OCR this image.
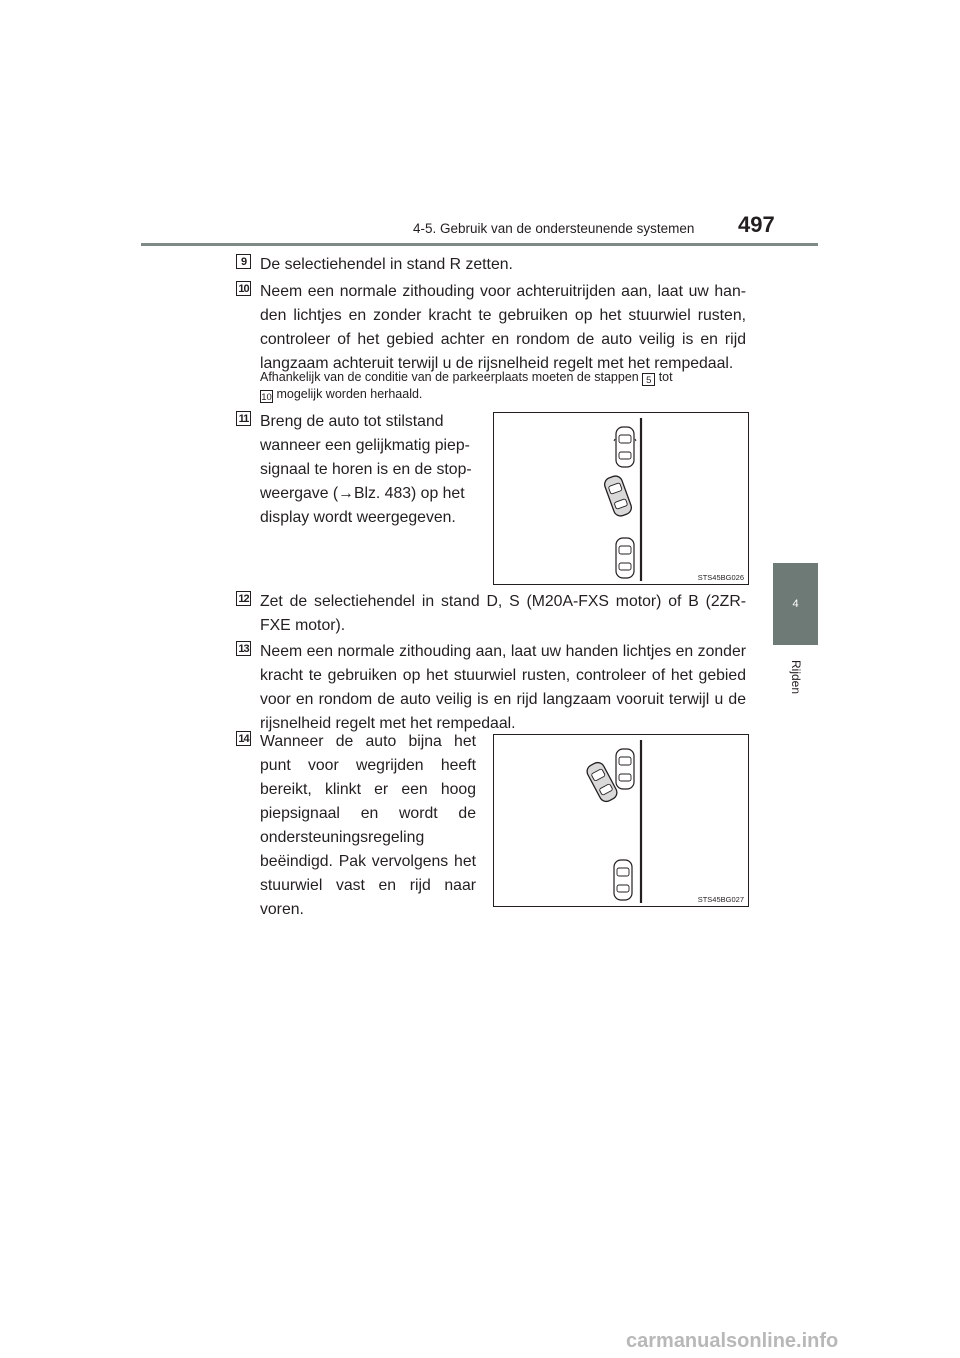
4-5. Gebruik van de ondersteunende systemen 497
4
Rijden
9 De selectiehendel in stand R zetten.
10 Neem een normale zithouding voor achteruitrijden aan, laat uw handen lichtjes en zonder kracht te gebruiken op het stuurwiel rusten, controleer of het gebied achter en rondom de auto veilig is en rijd langzaam achteruit terwijl u de rijsnelheid regelt met het rempedaal.
Afhankelijk van de conditie van de parkeerplaats moeten de stappen 5 tot
10 mogelijk worden herhaald.
11 Breng de auto tot stilstand wanneer een gelijkmatig piepsignaal te horen is en de stopweergave (→Blz. 483) op het display wordt weergegeven.
STS45BG026
12 Zet de selectiehendel in stand D, S (M20A-FXS motor) of B (2ZR-FXE motor).
13 Neem een normale zithouding aan, laat uw handen lichtjes en zonder kracht te gebruiken op het stuurwiel rusten, controleer of het gebied voor en rondom de auto veilig is en rijd langzaam vooruit terwijl u de rijsnelheid regelt met het rempedaal.
14 Wanneer de auto bijna het punt voor wegrijden heeft bereikt, klinkt er een hoog piepsignaal en wordt de ondersteuningsregeling beëindigd. Pak vervolgens het stuurwiel vast en rijd naar voren.
STS45BG027
carmanualsonline.info
